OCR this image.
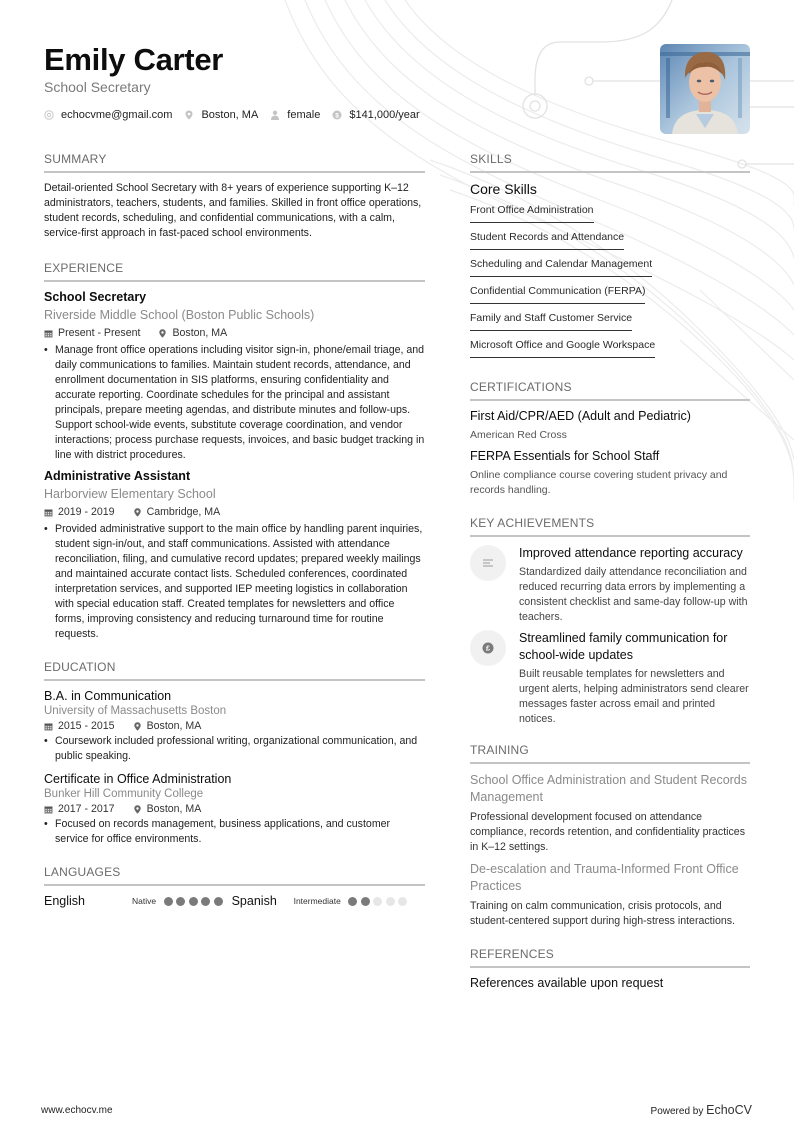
Emily Carter
School Secretary
echocvme@gmail.com	Boston, MA	female $ $141,000/year
SUMMARY

Detail-oriented School Secretary with 8+ years of experience supporting K–12 administrators, teachers, students, and families. Skilled in front office operations, student records, scheduling, and confidential communications, with a calm, service-first approach in fast-paced school environments.

EXPERIENCE
School Secretary
Riverside Middle School (Boston Public Schools)
Present - Present	Boston, MA
• Manage front office operations including visitor sign-in, phone/email triage, and daily communications to families. Maintain student records, attendance, and enrollment documentation in SIS platforms, ensuring confidentiality and accurate reporting. Coordinate schedules for the principal and assistant principals, prepare meeting agendas, and distribute minutes and follow-ups. Support school-wide events, substitute coverage coordination, and vendor interactions; process purchase requests, invoices, and basic budget tracking in line with district procedures.
Administrative Assistant
Harborview Elementary School
2019 - 2019	Cambridge, MA
• Provided administrative support to the main office by handling parent inquiries, student sign-in/out, and staff communications. Assisted with attendance reconciliation, filing, and cumulative record updates; prepared weekly mailings and maintained accurate contact lists. Scheduled conferences, coordinated interpretation services, and supported IEP meeting logistics in collaboration with special education staff. Created templates for newsletters and office forms, improving consistency and reducing turnaround time for routine requests.
EDUCATION
B.A. in Communication
University of Massachusetts Boston
2015 - 2015	Boston, MA
• Coursework included professional writing, organizational communication, and public speaking.
Certificate in Office Administration
Bunker Hill Community College
2017 - 2017	Boston, MA
• Focused on records management, business applications, and customer service for office environments.
LANGUAGES
English	Native	Spanish	Intermediate
SKILLS
Core Skills
Front Office Administration
Student Records and Attendance
Scheduling and Calendar Management
Confidential Communication (FERPA)
Family and Staff Customer Service
Microsoft Office and Google Workspace
CERTIFICATIONS
First Aid/CPR/AED (Adult and Pediatric)
American Red Cross
FERPA Essentials for School Staff
Online compliance course covering student privacy and records handling.
KEY ACHIEVEMENTS
Improved attendance reporting accuracy
Standardized daily attendance reconciliation and reduced recurring data errors by implementing a consistent checklist and same-day follow-up with teachers.
£
Streamlined family communication for school-wide updates
Built reusable templates for newsletters and urgent alerts, helping administrators send clearer messages faster across email and printed notices.
TRAINING
School Office Administration and Student Records Management
Professional development focused on attendance compliance, records retention, and confidentiality practices in K–12 settings.
De-escalation and Trauma-Informed Front Office Practices
Training on calm communication, crisis protocols, and student-centered support during high-stress interactions.
REFERENCES
References available upon request
www.echocv.me	Powered by EchoCV
